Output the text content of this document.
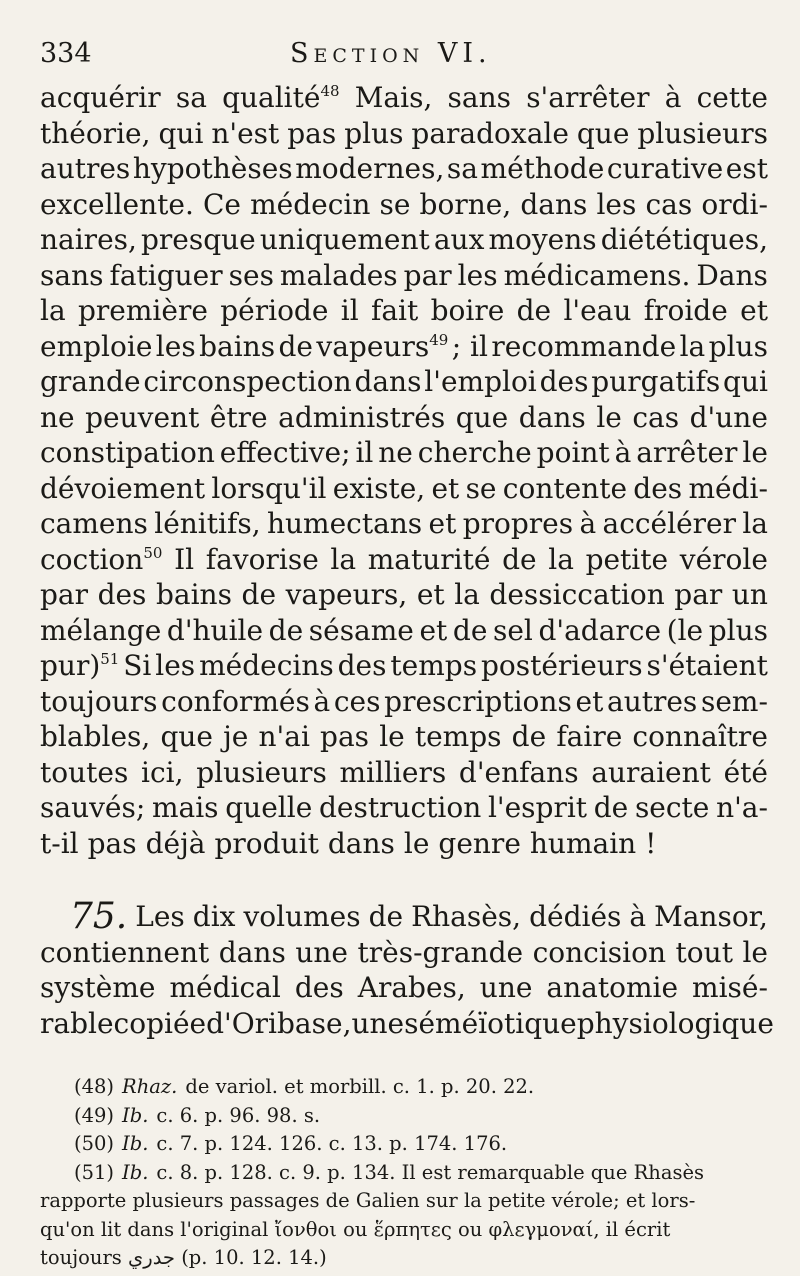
334	Section VI.
acquérir sa qualité$^{48}$ Mais, sans s'arrêter à cette
théorie, qui n'est pas plus paradoxale que plusieurs
autres hypothèses modernes, sa méthode curative est
excellente. Ce médecin se borne, dans les cas ordi-
naires, presque uniquement aux moyens diététiques,
sans fatiguer ses malades par les médicamens. Dans
la première période il fait boire de l'eau froide et
emploie les bains de vapeurs$^{49}$ ; il recommande la plus
grande circonspection dans l'emploi des purgatifs qui
ne peuvent être administrés que dans le cas d'une
constipation effective; il ne cherche point à arrêter le
dévoiement lorsqu'il existe, et se contente des médi-
camens lénitifs, humectans et propres à accélérer la
coction$^{50}$ Il favorise la maturité de la petite vérole
par des bains de vapeurs, et la dessiccation par un
mélange d'huile de sésame et de sel d'adarce (le plus
pur)$^{51}$ Si les médecins des temps postérieurs s'étaient
toujours conformés à ces prescriptions et autres sem-
blables, que je n'ai pas le temps de faire connaître
toutes ici, plusieurs milliers d'enfans auraient été
sauvés; mais quelle destruction l'esprit de secte n'a-
t-il pas déjà produit dans le genre humain !
75. Les dix volumes de Rhasès, dédiés à Mansor,
contiennent dans une très-grande concision tout le
système médical des Arabes, une anatomie misé-
rable copiée d'Oribase, une séméïotique physiologique
(48) Rhaz. de variol. et morbill. c. 1. p. 20. 22.
(49) Ib. c. 6. p. 96. 98. s.
(50) Ib. c. 7. p. 124. 126. c. 13. p. 174. 176.
(51) Ib. c. 8. p. 128. c. 9. p. 134. Il est remarquable que Rhasès
rapporte plusieurs passages de Galien sur la petite vérole; et lors-
qu'on lit dans l'original ἴονθοι ou ἕρπητες ou φλεγμοναί, il écrit
toujours جدري (p. 10. 12. 14.)
